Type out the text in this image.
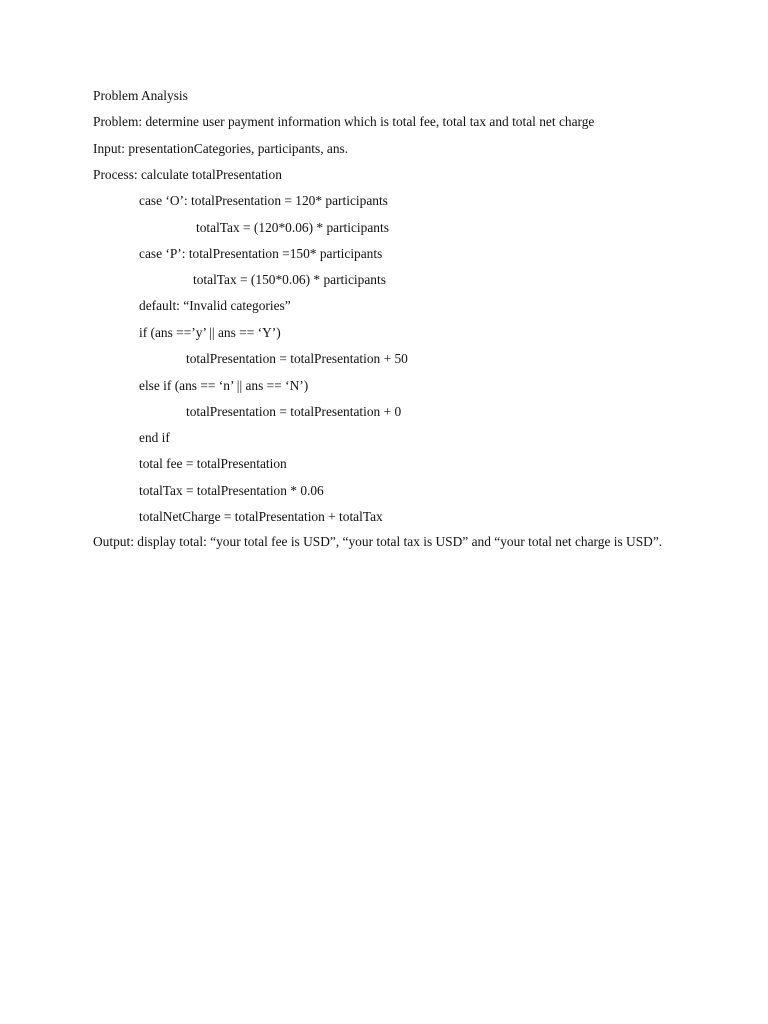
Problem Analysis
Problem: determine user payment information which is total fee, total tax and total net charge
Input: presentationCategories, participants, ans.
Process: calculate totalPresentation
case ‘O’: totalPresentation = 120* participants
totalTax = (120*0.06) * participants
case ‘P’: totalPresentation =150* participants
totalTax = (150*0.06) * participants
default: “Invalid categories”
if (ans ==’y’ || ans == ‘Y’)
totalPresentation = totalPresentation + 50
else if (ans == ‘n’ || ans == ‘N’)
totalPresentation = totalPresentation + 0
end if
total fee = totalPresentation
totalTax = totalPresentation * 0.06
totalNetCharge = totalPresentation + totalTax
Output: display total: “your total fee is USD”, “your total tax is USD” and “your total net charge is USD”.
